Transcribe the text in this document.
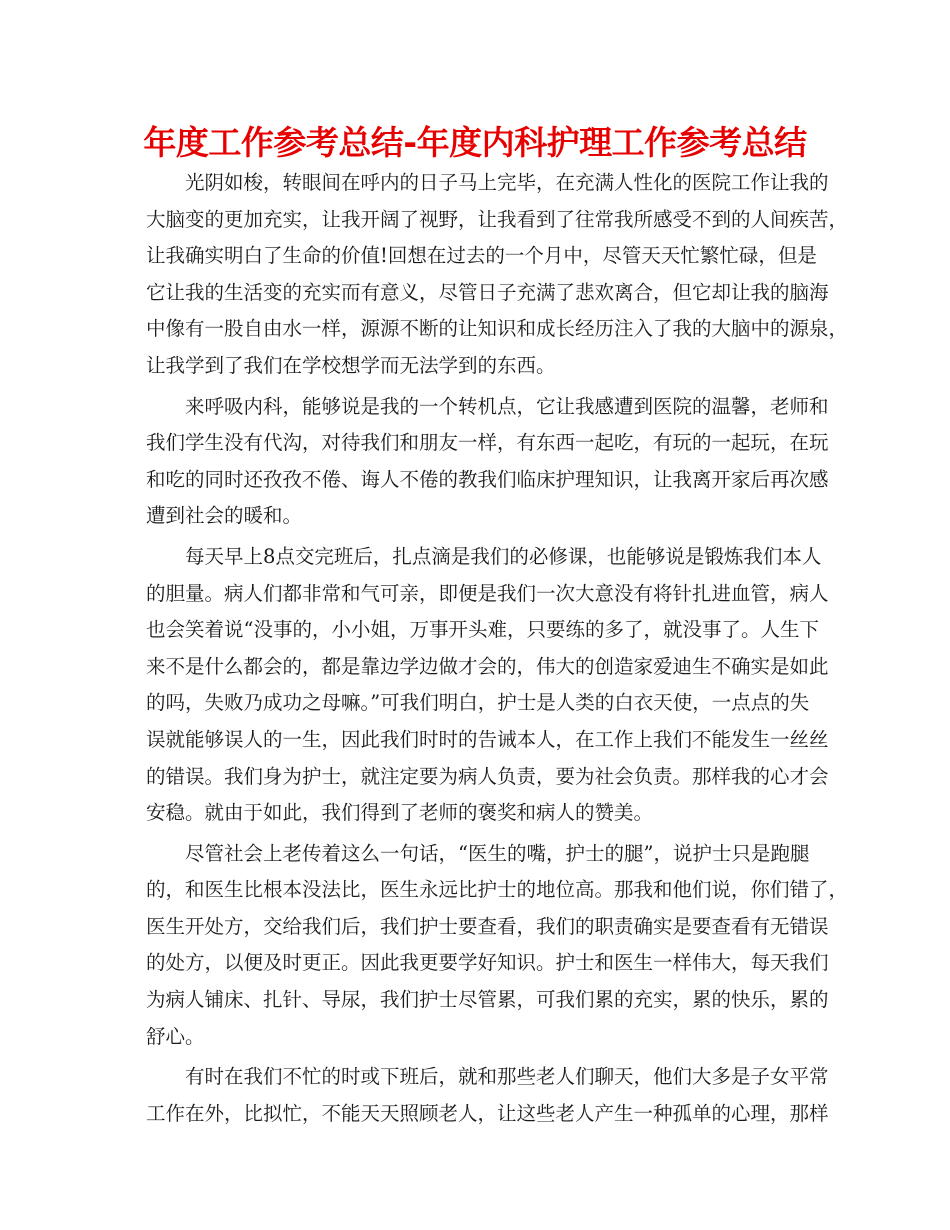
年度工作参考总结-年度内科护理工作参考总结
光阴如梭，转眼间在呼内的日子马上完毕，在充满人性化的医院工作让我的
大脑变的更加充实，让我开阔了视野，让我看到了往常我所感受不到的人间疾苦，
让我确实明白了生命的价值!回想在过去的一个月中，尽管天天忙繁忙碌，但是
它让我的生活变的充实而有意义，尽管日子充满了悲欢离合，但它却让我的脑海
中像有一股自由水一样，源源不断的让知识和成长经历注入了我的大脑中的源泉，
让我学到了我们在学校想学而无法学到的东西。
来呼吸内科，能够说是我的一个转机点，它让我感遭到医院的温馨，老师和
我们学生没有代沟，对待我们和朋友一样，有东西一起吃，有玩的一起玩，在玩
和吃的同时还孜孜不倦、诲人不倦的教我们临床护理知识，让我离开家后再次感
遭到社会的暖和。
每天早上8点交完班后，扎点滴是我们的必修课，也能够说是锻炼我们本人
的胆量。病人们都非常和气可亲，即便是我们一次大意没有将针扎进血管，病人
也会笑着说“没事的，小小姐，万事开头难，只要练的多了，就没事了。人生下
来不是什么都会的，都是靠边学边做才会的，伟大的创造家爱迪生不确实是如此
的吗，失败乃成功之母嘛。”可我们明白，护士是人类的白衣天使，一点点的失
误就能够误人的一生，因此我们时时的告诫本人，在工作上我们不能发生一丝丝
的错误。我们身为护士，就注定要为病人负责，要为社会负责。那样我的心才会
安稳。就由于如此，我们得到了老师的褒奖和病人的赞美。
尽管社会上老传着这么一句话，“医生的嘴，护士的腿”，说护士只是跑腿
的，和医生比根本没法比，医生永远比护士的地位高。那我和他们说，你们错了，
医生开处方，交给我们后，我们护士要查看，我们的职责确实是要查看有无错误
的处方，以便及时更正。因此我更要学好知识。护士和医生一样伟大，每天我们
为病人铺床、扎针、导尿，我们护士尽管累，可我们累的充实，累的快乐，累的
舒心。
有时在我们不忙的时或下班后，就和那些老人们聊天，他们大多是子女平常
工作在外，比拟忙，不能天天照顾老人，让这些老人产生一种孤单的心理，那样
